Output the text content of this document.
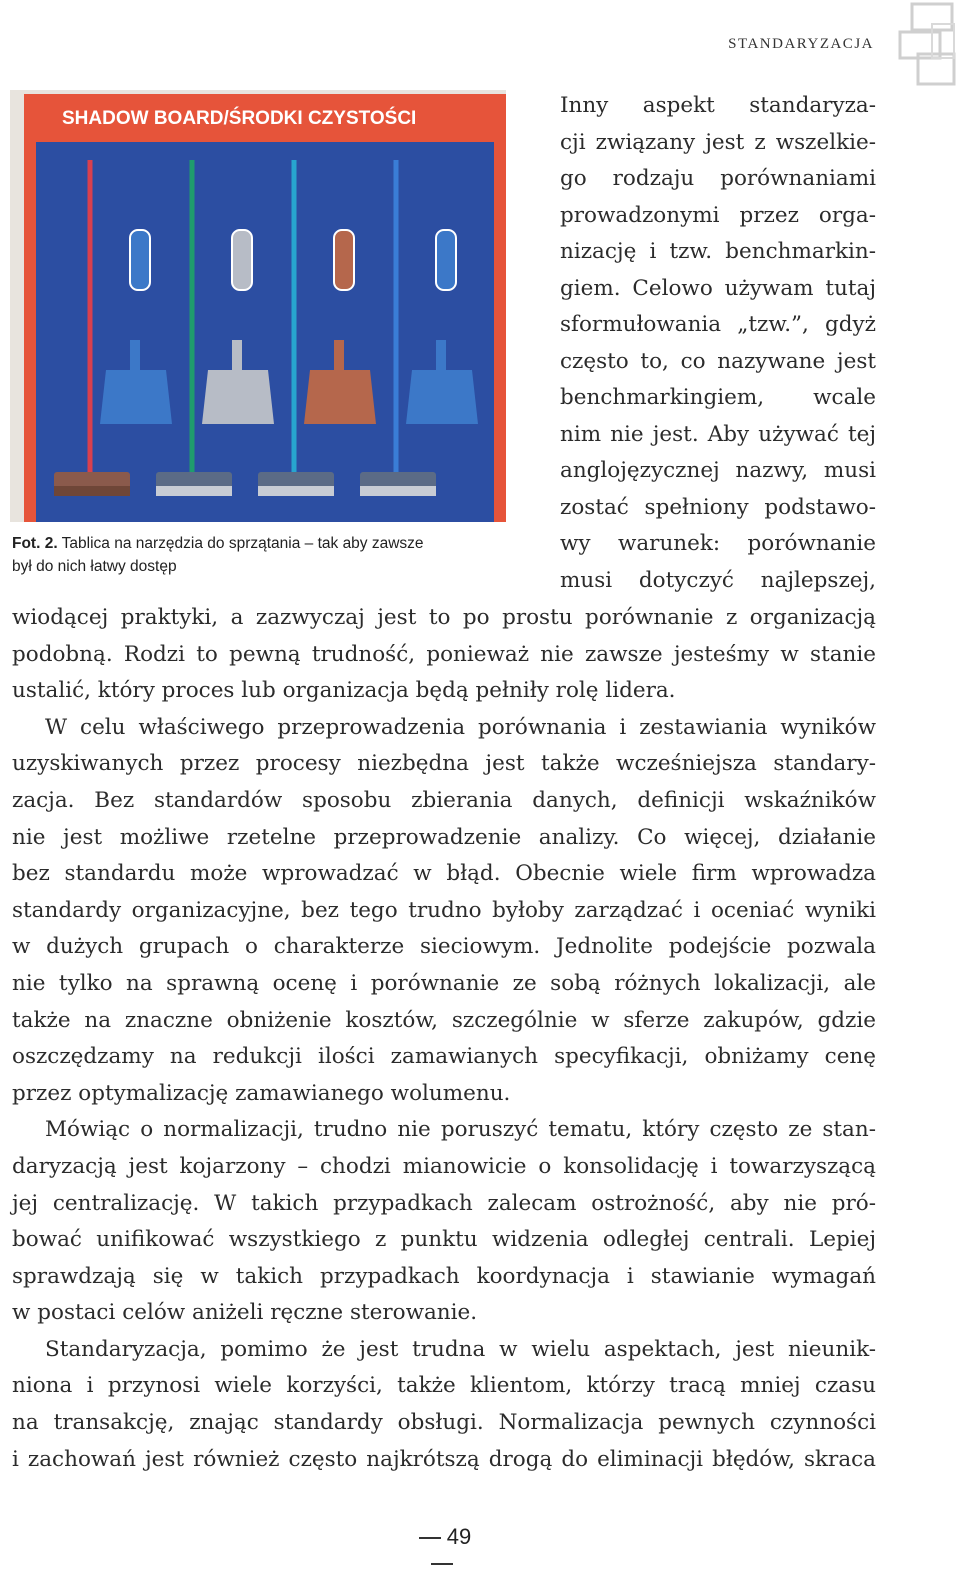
STANDARYZACJA
SHADOW BOARD/ŚRODKI CZYSTOŚCI
Fot. 2. Tablica na narzędzia do sprzątania – tak aby zawsze
był do nich łatwy dostęp
Inny aspekt standaryza-
cji związany jest z wszelkie-
go rodzaju porównaniami
prowadzonymi przez orga-
nizację i tzw. benchmarkin-
giem. Celowo używam tutaj
sformułowania „tzw.”, gdyż
często to, co nazywane jest
benchmarkingiem, wcale
nim nie jest. Aby używać tej
anglojęzycznej nazwy, musi
zostać spełniony podstawo-
wy warunek: porównanie
musi dotyczyć najlepszej,
wiodącej praktyki, a zazwyczaj jest to po prostu porównanie z organizacją
podobną. Rodzi to pewną trudność, ponieważ nie zawsze jesteśmy w stanie
ustalić, który proces lub organizacja będą pełniły rolę lidera.
W celu właściwego przeprowadzenia porównania i zestawiania wyników
uzyskiwanych przez procesy niezbędna jest także wcześniejsza standary-
zacja. Bez standardów sposobu zbierania danych, definicji wskaźników
nie jest możliwe rzetelne przeprowadzenie analizy. Co więcej, działanie
bez standardu może wprowadzać w błąd. Obecnie wiele firm wprowadza
standardy organizacyjne, bez tego trudno byłoby zarządzać i oceniać wyniki
w dużych grupach o charakterze sieciowym. Jednolite podejście pozwala
nie tylko na sprawną ocenę i porównanie ze sobą różnych lokalizacji, ale
także na znaczne obniżenie kosztów, szczególnie w sferze zakupów, gdzie
oszczędzamy na redukcji ilości zamawianych specyfikacji, obniżamy cenę
przez optymalizację zamawianego wolumenu.
Mówiąc o normalizacji, trudno nie poruszyć tematu, który często ze stan-
daryzacją jest kojarzony – chodzi mianowicie o konsolidację i towarzyszącą
jej centralizację. W takich przypadkach zalecam ostrożność, aby nie pró-
bować unifikować wszystkiego z punktu widzenia odległej centrali. Lepiej
sprawdzają się w takich przypadkach koordynacja i stawianie wymagań
w postaci celów aniżeli ręczne sterowanie.
Standaryzacja, pomimo że jest trudna w wielu aspektach, jest nieunik-
niona i przynosi wiele korzyści, także klientom, którzy tracą mniej czasu
na transakcję, znając standardy obsługi. Normalizacja pewnych czynności
i zachowań jest również często najkrótszą drogą do eliminacji błędów, skraca
49
